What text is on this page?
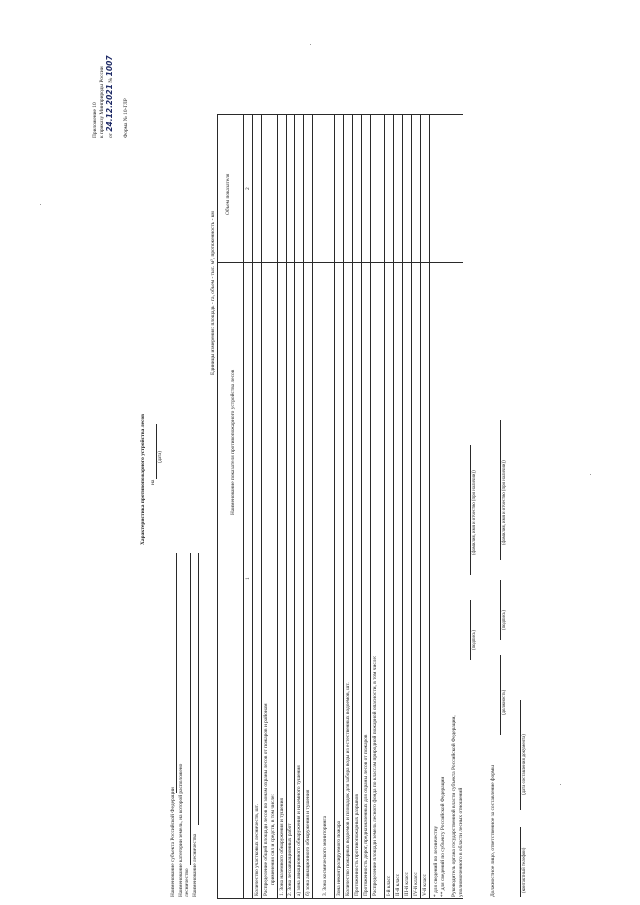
Приложение 10 к приказу Минприроды России от 24.12.2021 № 1007
Форма № 10-ГЛР
Характеристика противопожарного устройства лесов на
(дата)
Наименование субъекта Российской Федерации Наименование категории земель, на которой расположено лесничество Наименование лесничества
Единицы измерения: площадь - га, объем - тыс. м³, протяженность - км
Наименование показателя противопожарного устройства лесов
Объем показателя
1
2
Количество участковых лесничеств, шт. Распределение общей площади лесов по зонам охраны лесов от пожаров и районам применения сил и средств, в том числе: 1. Зона наземного обнаружения и тушения 2. Зона лесоавиационных работ а) зона авиационного обнаружения и наземного тушения б) зона авиационного обнаружения и тушения 3. Зона космического мониторинга Зона неконтролируемого пожара Количество пожарных водоемов и площадок для забора воды из естественных водоемов, шт. Протяженность противопожарных разрывов Протяженность дорог, предназначенных для охраны лесов от пожаров Распределение площади земель лесного фонда по классам природной пожарной опасности, в том числе: I-й класс II-й класс III-й класс IV-й класс V-й класс * для сведений по лесничеству ** для сведений по субъекту Российской Федерации Руководитель органа государственной власти субъекта Российской Федерации, уполномоченного в области лесных отношений
(подпись)
(фамилия, имя и отчество (при наличии))
Должностное лицо, ответственное за составление формы
(должность)
(подпись)
(фамилия, имя и отчество (при наличии))
(контактный телефон)
(дата составления документа)
